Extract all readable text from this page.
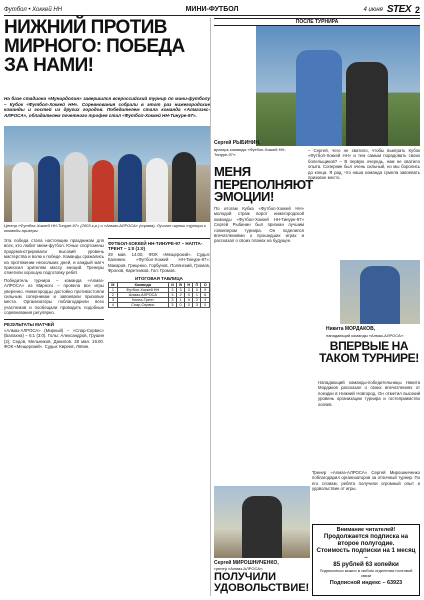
Футбол • Хоккей НН	МИНИ-ФУТБОЛ	4 июня STEX 2
НИЖНИЙ ПРОТИВ МИРНОГО: ПОБЕДА ЗА НАМИ!
На базе стадиона «Мунирдолин» завершился всероссийский турнир по мини-футболу – Кубок «Футбол-Хоккей НН». Соревнования собрали в этот раз нижегородские команды и гостей из других городов. Победителем стала команда «Алмазэкс-АЛРОСА», обладателем почетного трофея стал «Футбол-Хоккей НН-Тинуре-97».
Центр «Футбол-Хоккей НН-Тинуре-97» (2003 г.р.) и «Алмаз-АЛРОСА» (справа). Лучшие игроки турнира и команды-призеры.

Эта победа стала настоящим праздником для всех, кто любит мини-футбол. Юные спортсмены продемонстрировали высокий уровень мастерства и волю к победе. Команды сражались на протяжении нескольких дней, и каждый матч приносил зрителям массу эмоций. Тренеры отметили хорошую подготовку ребят.

Победитель турнира – команда «Алмаз-АЛРОСА» из Мирного – провела все игры уверенно. Нижегородцы достойно противостояли сильным соперникам и завоевали призовые места. Организаторы поблагодарили всех участников и пообещали проводить подобные соревнования регулярно.

РЕЗУЛЬТАТЫ МАТЧЕЙ

«Алмаз-АЛРОСА» (Мирный) – «Спар-Сервис» (Балахна) – 6:1 (3:0). Голы: Александров, Грушин (2), Седов, Мельников, Данилов. 28 мая. 19.00. ФОК «Мещерский». Судьи: Киреев, Ляпин.

ФУТБОЛ-ХОККЕЙ НН-ТИНУРЕ-97 – НАПТА-ТРЕНТ – 1:0 (1:0)

29 мая. 14.00. ФОК «Мещерский». Судья: Калинин. «Футбол-Хоккей НН-Тинуре-97»: Макаров, Гриценко, Горбунов, Полянский, Громов, Фролов, Каретников. Гол: Громов.

ИТОГОВАЯ ТАБЛИЦА
М	Команда	И	В	Н	П	О
1	Футбол-Хоккей НН	3	3	0	0	9
2	Алмаз-АЛРОСА	3	2	0	1	6
3	Напта-Трент	3	1	0	2	3
4	Спар-Сервис	3	0	0	3	0
ПОСЛЕ ТУРНИРА
Сергей РЫБИНИН,
вратарь команды «Футбол-Хоккей НН-Тинуре-97»:
МЕНЯ ПЕРЕПОЛНЯЮТ ЭМОЦИИ!

По итогам Кубка «Футбол-Хоккей НН» молодой страж ворот нижегородской команды «Футбол-Хоккей НН-Тинуре-97» Сергей Рыбинин был признан лучшим голкипером турнира. Он поделился впечатлениями о прошедших играх и рассказал о своих планах на будущее.

– Сергей, чего не хватило, чтобы выиграть Кубок «Футбол-Хоккей НН» и тем самым порадовать своих болельщиков? – В первую очередь, нам не хватило опыта. Соперник был очень сильный, но мы боролись до конца. Я рад, что наша команда сумела завоевать призовое место.

Никита МОРДАКОВ,
нападающий команды «Алмаз-АЛРОСА»:
ВПЕРВЫЕ НА ТАКОМ ТУРНИРЕ!

Нападающий команды-победительницы Никита Мордаков рассказал о своих впечатлениях от поездки в Нижний Новгород. Он отметил высокий уровень организации турнира и гостеприимство хозяев.

Сергей МИРОШНИЧЕНКО,
тренер «Алмаз-АЛРОСА»:
ПОЛУЧИЛИ УДОВОЛЬСТВИЕ!

Тренер «Алмаз-АЛРОСА» Сергей Мирошниченко поблагодарил организаторов за отличный турнир. По его словам, ребята получили огромный опыт и удовольствие от игры.

Внимание читателей!
Продолжается подписка на второе полугодие.
Стоимость подписки на 1 месяц –
85 рублей 63 копейки
Подписаться можно в любом отделении почтовой связи
Подписной индекс – 63923
